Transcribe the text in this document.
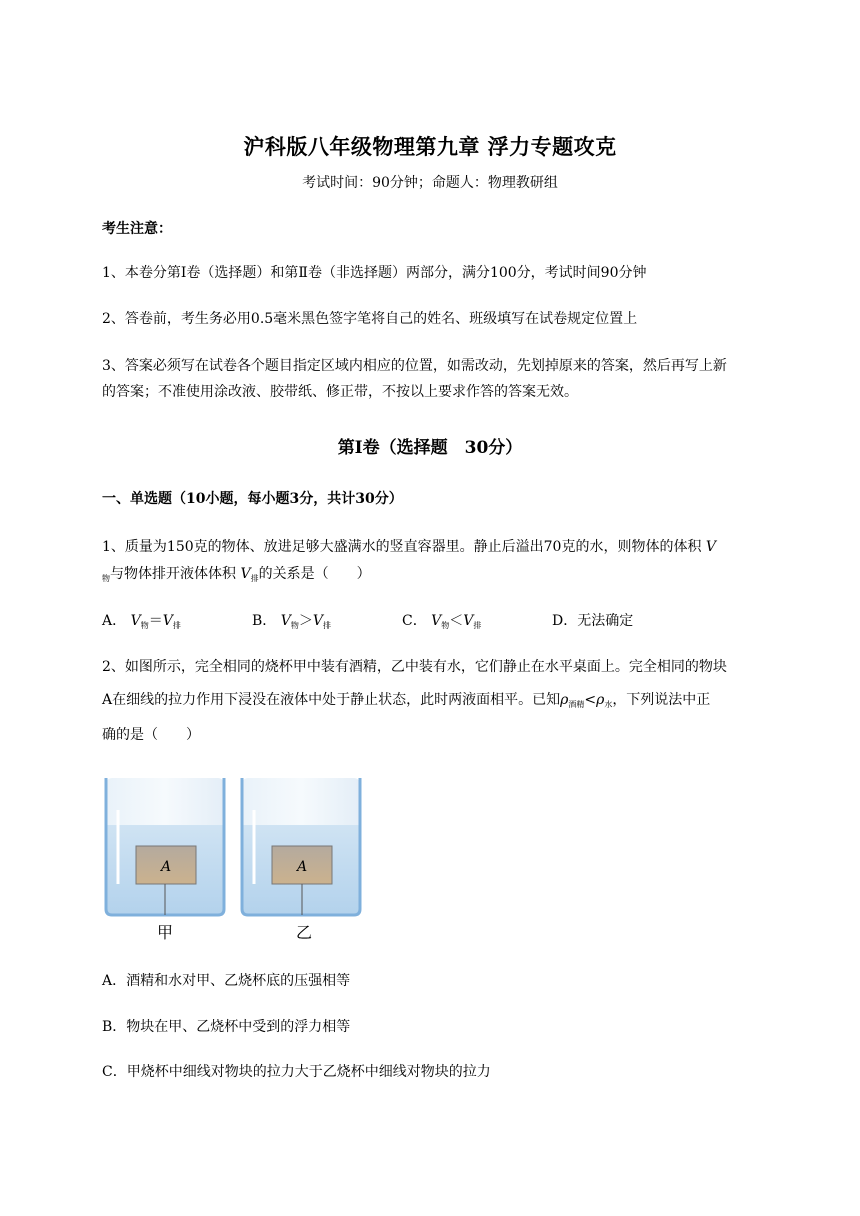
沪科版八年级物理第九章 浮力专题攻克
考试时间：90分钟；命题人：物理教研组
考生注意：
1、本卷分第Ⅰ卷（选择题）和第Ⅱ卷（非选择题）两部分，满分100分，考试时间90分钟
2、答卷前，考生务必用0.5毫米黑色签字笔将自己的姓名、班级填写在试卷规定位置上
3、答案必须写在试卷各个题目指定区域内相应的位置，如需改动，先划掉原来的答案，然后再写上新
的答案；不准使用涂改液、胶带纸、修正带，不按以上要求作答的答案无效。
第Ⅰ卷（选择题　30分）
一、单选题（10小题，每小题3分，共计30分）
1、质量为150克的物体、放进足够大盛满水的竖直容器里。静止后溢出70克的水，则物体的体积 V
$_物$与物体排开液体体积 $V_排$的关系是（　　）
A． $V_物=V_排$	B． $V_物>V_排$	C． $V_物<V_排$	D．无法确定
2、如图所示，完全相同的烧杯甲中装有酒精，乙中装有水，它们静止在水平桌面上。完全相同的物块
A在细线的拉力作用下浸没在液体中处于静止状态，此时两液面相平。已知$\rho_{酒精}<\rho_水$，下列说法中正
确的是（　　）
A
甲
A
乙
A．酒精和水对甲、乙烧杯底的压强相等
B．物块在甲、乙烧杯中受到的浮力相等
C．甲烧杯中细线对物块的拉力大于乙烧杯中细线对物块的拉力
